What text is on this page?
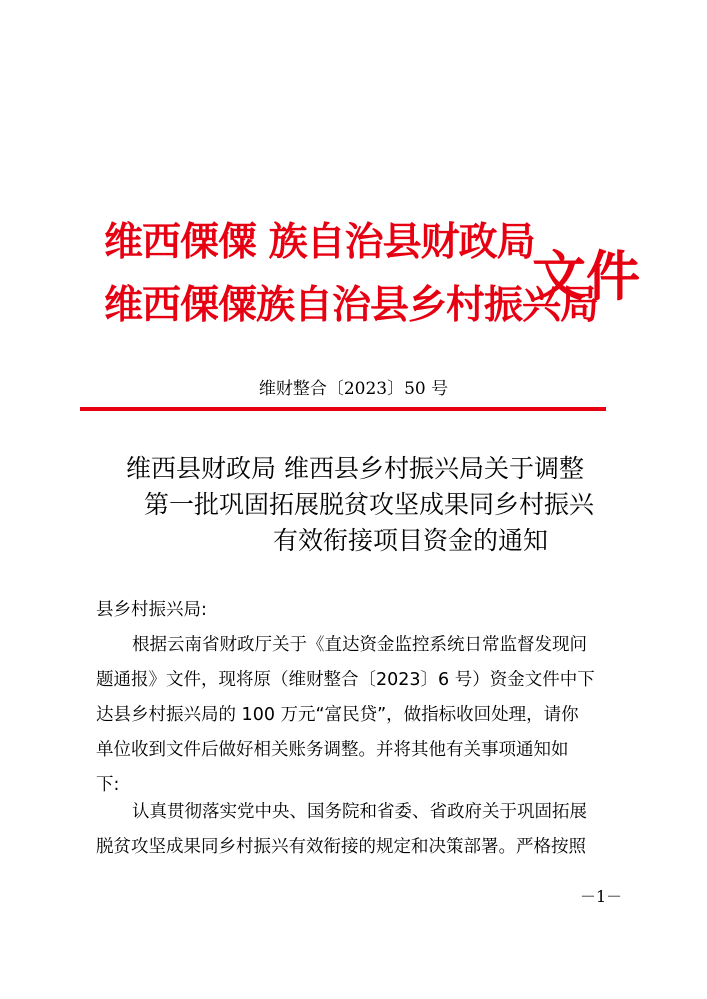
维西傈僳 族自治县财政局
维西傈僳族自治县乡村振兴局
文件
维财整合〔2023〕50 号
维西县财政局 维西县乡村振兴局关于调整
第一批巩固拓展脱贫攻坚成果同乡村振兴
有效衔接项目资金的通知
县乡村振兴局:
根据云南省财政厅关于《直达资金监控系统日常监督发现问
题通报》文件，现将原（维财整合〔2023〕6 号）资金文件中下
达县乡村振兴局的 100 万元“富民贷”，做指标收回处理，请你
单位收到文件后做好相关账务调整。并将其他有关事项通知如
下:
认真贯彻落实党中央、国务院和省委、省政府关于巩固拓展
脱贫攻坚成果同乡村振兴有效衔接的规定和决策部署。严格按照
－1－
